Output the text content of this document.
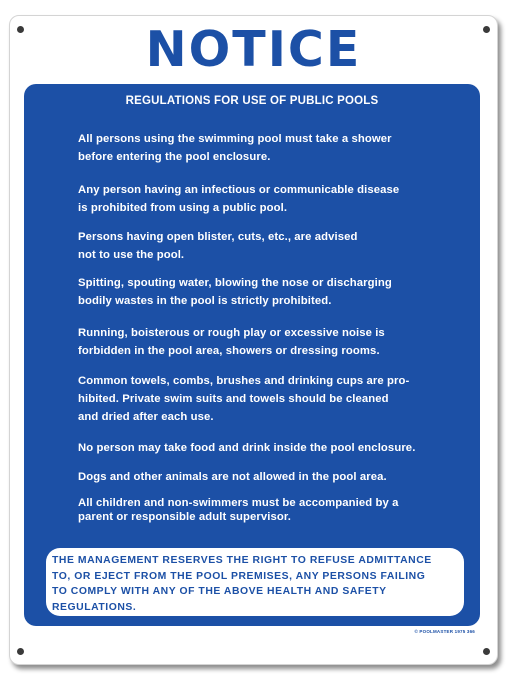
NOTICE
REGULATIONS FOR USE OF PUBLIC POOLS
All persons using the swimming pool must take a shower
before entering the pool enclosure.
Any person having an infectious or communicable disease
is prohibited from using a public pool.
Persons having open blister, cuts, etc., are advised
not to use the pool.
Spitting, spouting water, blowing the nose or discharging
bodily wastes in the pool is strictly prohibited.
Running, boisterous or rough play or excessive noise is
forbidden in the pool area, showers or dressing rooms.
Common towels, combs, brushes and drinking cups are pro-
hibited. Private swim suits and towels should be cleaned
and dried after each use.
No person may take food and drink inside the pool enclosure.
Dogs and other animals are not allowed in the pool area.
All children and non-swimmers must be accompanied by a
parent or responsible adult supervisor.
THE MANAGEMENT RESERVES THE RIGHT TO REFUSE ADMITTANCE
TO, OR EJECT FROM THE POOL PREMISES, ANY PERSONS FAILING
TO COMPLY WITH ANY OF THE ABOVE HEALTH AND SAFETY
REGULATIONS.
© POOLMASTER 1975 366
